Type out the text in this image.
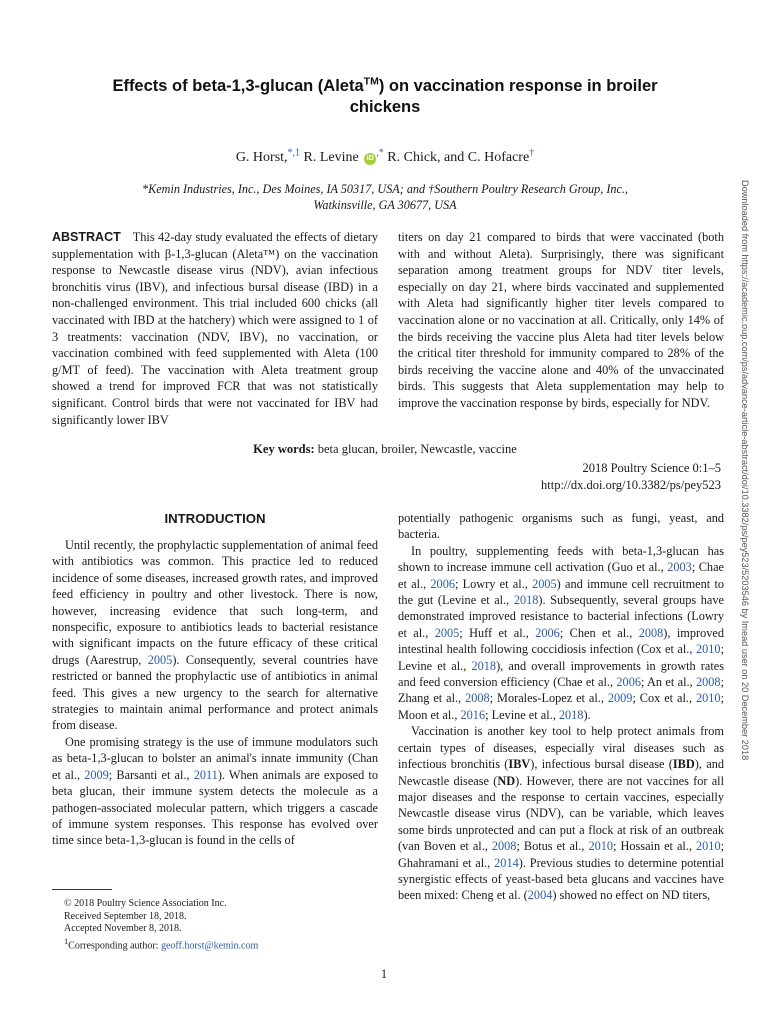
Effects of beta-1,3-glucan (Aleta™) on vaccination response in broiler
chickens
G. Horst,$^{*,1}$ R. Levine iD,* R. Chick, and C. Hofacre†
*Kemin Industries, Inc., Des Moines, IA 50317, USA; and †Southern Poultry Research Group, Inc.,
Watkinsville, GA 30677, USA
ABSTRACT This 42-day study evaluated the effects of dietary supplementation with β-1,3-glucan (Aleta™) on the vaccination response to Newcastle disease virus (NDV), avian infectious bronchitis virus (IBV), and infectious bursal disease (IBD) in a non-challenged environment. This trial included 600 chicks (all vaccinated with IBD at the hatchery) which were assigned to 1 of 3 treatments: vaccination (NDV, IBV), no vaccination, or vaccination combined with feed supplemented with Aleta (100 g/MT of feed). The vaccination with Aleta treatment group showed a trend for improved FCR that was not statistically significant. Control birds that were not vaccinated for IBV had significantly lower IBV
titers on day 21 compared to birds that were vaccinated (both with and without Aleta). Surprisingly, there was significant separation among treatment groups for NDV titer levels, especially on day 21, where birds vaccinated and supplemented with Aleta had significantly higher titer levels compared to vaccination alone or no vaccination at all. Critically, only 14% of the birds receiving the vaccine plus Aleta had titer levels below the critical titer threshold for immunity compared to 28% of the birds receiving the vaccine alone and 40% of the unvaccinated birds. This suggests that Aleta supplementation may help to improve the vaccination response by birds, especially for NDV.
Key words: beta glucan, broiler, Newcastle, vaccine
2018 Poultry Science 0:1–5
http://dx.doi.org/10.3382/ps/pey523
INTRODUCTION

Until recently, the prophylactic supplementation of animal feed with antibiotics was common. This practice led to reduced incidence of some diseases, increased growth rates, and improved feed efficiency in poultry and other livestock. There is now, however, increasing evidence that such long-term, and nonspecific, exposure to antibiotics leads to bacterial resistance with significant impacts on the future efficacy of these critical drugs (Aarestrup, 2005). Consequently, several countries have restricted or banned the prophylactic use of antibiotics in animal feed. This gives a new urgency to the search for alternative strategies to maintain animal performance and protect animals from disease.

One promising strategy is the use of immune modulators such as beta-1,3-glucan to bolster an animal's innate immunity (Chan et al., 2009; Barsanti et al., 2011). When animals are exposed to beta glucan, their immune system detects the molecule as a pathogen-associated molecular pattern, which triggers a cascade of immune system responses. This response has evolved over time since beta-1,3-glucan is found in the cells of

potentially pathogenic organisms such as fungi, yeast, and bacteria.

In poultry, supplementing feeds with beta-1,3-glucan has shown to increase immune cell activation (Guo et al., 2003; Chae et al., 2006; Lowry et al., 2005) and immune cell recruitment to the gut (Levine et al., 2018). Subsequently, several groups have demonstrated improved resistance to bacterial infections (Lowry et al., 2005; Huff et al., 2006; Chen et al., 2008), improved intestinal health following coccidiosis infection (Cox et al., 2010; Levine et al., 2018), and overall improvements in growth rates and feed conversion efficiency (Chae et al., 2006; An et al., 2008; Zhang et al., 2008; Morales-Lopez et al., 2009; Cox et al., 2010; Moon et al., 2016; Levine et al., 2018).

Vaccination is another key tool to help protect animals from certain types of diseases, especially viral diseases such as infectious bronchitis (IBV), infectious bursal disease (IBD), and Newcastle disease (ND). However, there are not vaccines for all major diseases and the response to certain vaccines, especially Newcastle disease virus (NDV), can be variable, which leaves some birds unprotected and can put a flock at risk of an outbreak (van Boven et al., 2008; Botus et al., 2010; Hossain et al., 2010; Ghahramani et al., 2014). Previous studies to determine potential synergistic effects of yeast-based beta glucans and vaccines have been mixed: Cheng et al. (2004) showed no effect on ND titers,

© 2018 Poultry Science Association Inc.
Received September 18, 2018.
Accepted November 8, 2018.
$^1$Corresponding author: geoff.horst@kemin.com
1
Downloaded from https://academic.oup.com/ps/advance-article-abstract/doi/10.3382/ps/pey523/5203546 by Imead user on 20 December 2018
